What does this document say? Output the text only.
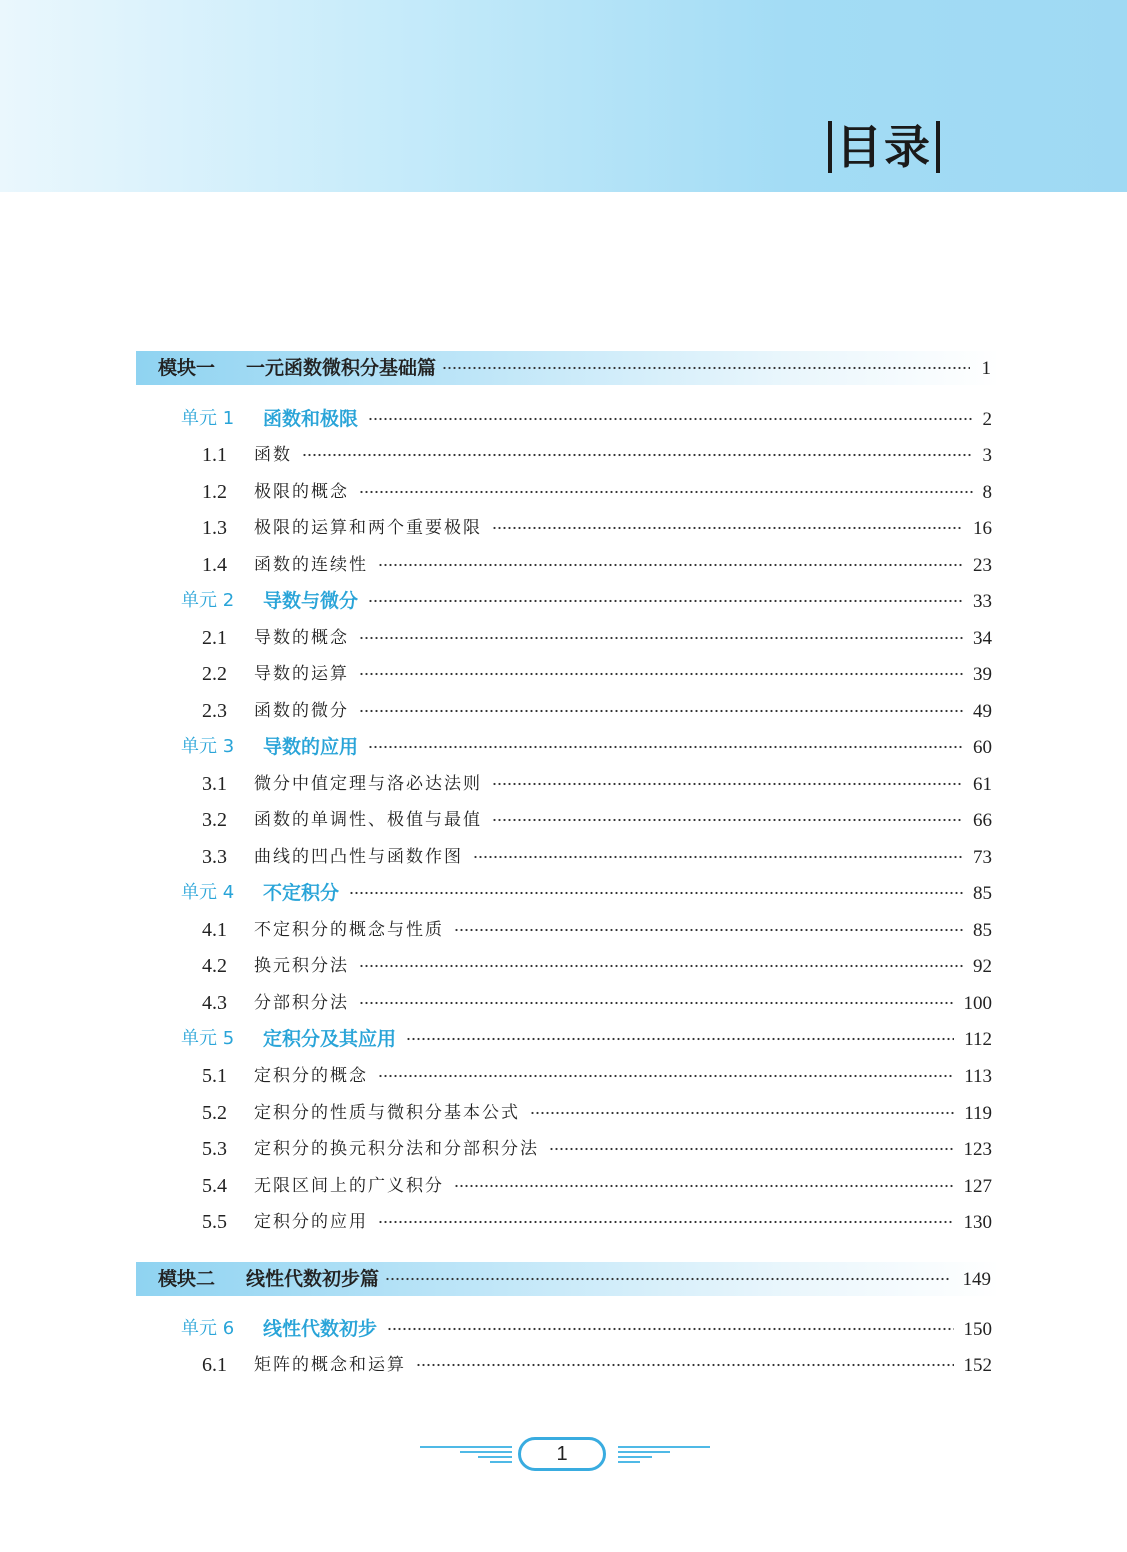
目录
模块一	一元函数微积分基础篇	1
单元 1	函数和极限	2
1.1	函数	3
1.2	极限的概念	8
1.3	极限的运算和两个重要极限	16
1.4	函数的连续性	23
单元 2	导数与微分	33
2.1	导数的概念	34
2.2	导数的运算	39
2.3	函数的微分	49
单元 3	导数的应用	60
3.1	微分中值定理与洛必达法则	61
3.2	函数的单调性、极值与最值	66
3.3	曲线的凹凸性与函数作图	73
单元 4	不定积分	85
4.1	不定积分的概念与性质	85
4.2	换元积分法	92
4.3	分部积分法	100
单元 5	定积分及其应用	112
5.1	定积分的概念	113
5.2	定积分的性质与微积分基本公式	119
5.3	定积分的换元积分法和分部积分法	123
5.4	无限区间上的广义积分	127
5.5	定积分的应用	130
模块二	线性代数初步篇	149
单元 6	线性代数初步	150
6.1	矩阵的概念和运算	152
1
